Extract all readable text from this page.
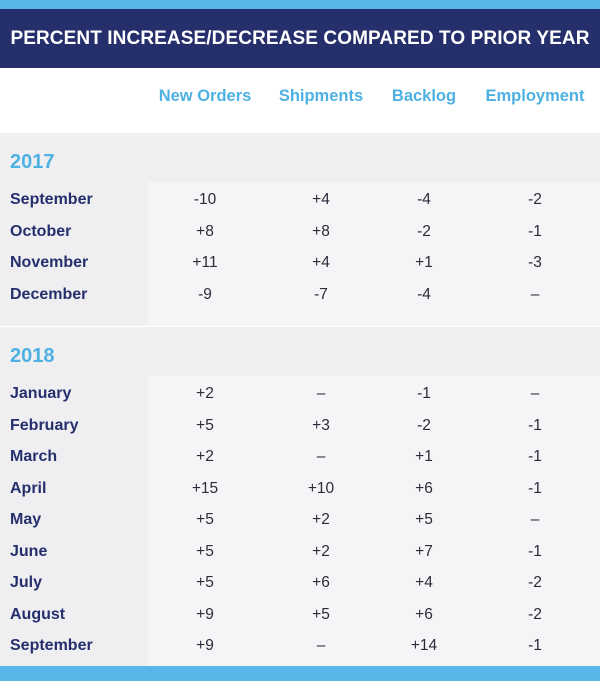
PERCENT INCREASE/DECREASE COMPARED TO PRIOR YEAR
New Orders	Shipments	Backlog	Employment
2017
September	-10	+4	-4	-2
October	+8	+8	-2	-1
November	+11	+4	+1	-3
December	-9	-7	-4	–
2018
January	+2	–	-1	–
February	+5	+3	-2	-1
March	+2	–	+1	-1
April	+15	+10	+6	-1
May	+5	+2	+5	–
June	+5	+2	+7	-1
July	+5	+6	+4	-2
August	+9	+5	+6	-2
September	+9	–	+14	-1
